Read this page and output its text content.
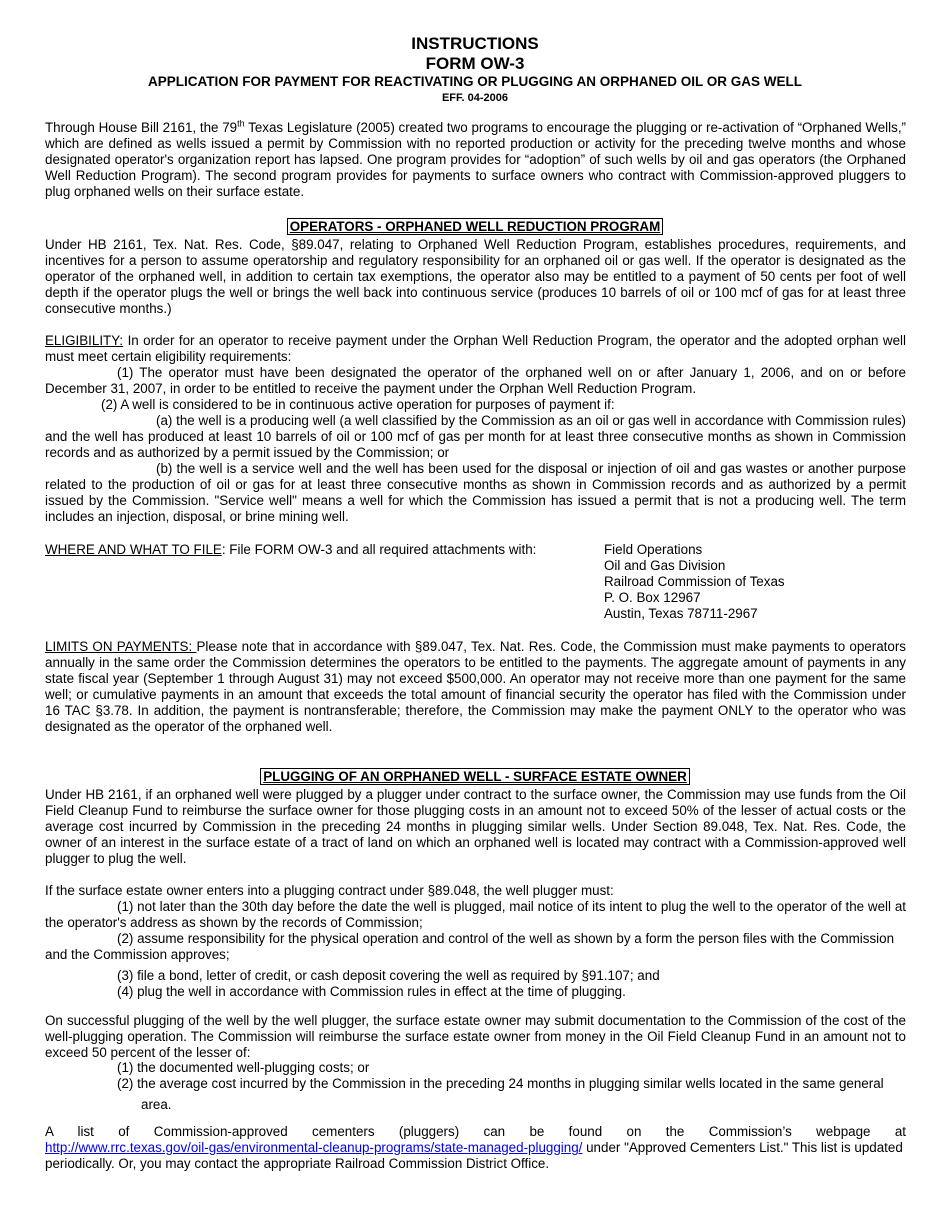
INSTRUCTIONS
FORM OW-3
APPLICATION FOR PAYMENT FOR REACTIVATING OR PLUGGING AN ORPHANED OIL OR GAS WELL
EFF. 04-2006
Through House Bill 2161, the 79th Texas Legislature (2005) created two programs to encourage the plugging or re-activation of “Orphaned Wells,” which are defined as wells issued a permit by Commission with no reported production or activity for the preceding twelve months and whose designated operator's organization report has lapsed. One program provides for “adoption” of such wells by oil and gas operators (the Orphaned Well Reduction Program). The second program provides for payments to surface owners who contract with Commission-approved pluggers to plug orphaned wells on their surface estate.
OPERATORS - ORPHANED WELL REDUCTION PROGRAM
Under HB 2161, Tex. Nat. Res. Code, §89.047, relating to Orphaned Well Reduction Program, establishes procedures, requirements, and incentives for a person to assume operatorship and regulatory responsibility for an orphaned oil or gas well. If the operator is designated as the operator of the orphaned well, in addition to certain tax exemptions, the operator also may be entitled to a payment of 50 cents per foot of well depth if the operator plugs the well or brings the well back into continuous service (produces 10 barrels of oil or 100 mcf of gas for at least three consecutive months.)
ELIGIBILITY: In order for an operator to receive payment under the Orphan Well Reduction Program, the operator and the adopted orphan well must meet certain eligibility requirements:
(1) The operator must have been designated the operator of the orphaned well on or after January 1, 2006, and on or before December 31, 2007, in order to be entitled to receive the payment under the Orphan Well Reduction Program.
(2) A well is considered to be in continuous active operation for purposes of payment if:
(a) the well is a producing well (a well classified by the Commission as an oil or gas well in accordance with Commission rules) and the well has produced at least 10 barrels of oil or 100 mcf of gas per month for at least three consecutive months as shown in Commission records and as authorized by a permit issued by the Commission; or
(b) the well is a service well and the well has been used for the disposal or injection of oil and gas wastes or another purpose related to the production of oil or gas for at least three consecutive months as shown in Commission records and as authorized by a permit issued by the Commission. "Service well" means a well for which the Commission has issued a permit that is not a producing well. The term includes an injection, disposal, or brine mining well.
WHERE AND WHAT TO FILE: File FORM OW-3 and all required attachments with:	Field Operations
Oil and Gas Division
Railroad Commission of Texas
P. O. Box 12967
Austin, Texas 78711-2967
LIMITS ON PAYMENTS: Please note that in accordance with §89.047, Tex. Nat. Res. Code, the Commission must make payments to operators annually in the same order the Commission determines the operators to be entitled to the payments. The aggregate amount of payments in any state fiscal year (September 1 through August 31) may not exceed $500,000. An operator may not receive more than one payment for the same well; or cumulative payments in an amount that exceeds the total amount of financial security the operator has filed with the Commission under 16 TAC §3.78. In addition, the payment is nontransferable; therefore, the Commission may make the payment ONLY to the operator who was designated as the operator of the orphaned well.
PLUGGING OF AN ORPHANED WELL - SURFACE ESTATE OWNER
Under HB 2161, if an orphaned well were plugged by a plugger under contract to the surface owner, the Commission may use funds from the Oil Field Cleanup Fund to reimburse the surface owner for those plugging costs in an amount not to exceed 50% of the lesser of actual costs or the average cost incurred by Commission in the preceding 24 months in plugging similar wells. Under Section 89.048, Tex. Nat. Res. Code, the owner of an interest in the surface estate of a tract of land on which an orphaned well is located may contract with a Commission-approved well plugger to plug the well.
If the surface estate owner enters into a plugging contract under §89.048, the well plugger must:
(1) not later than the 30th day before the date the well is plugged, mail notice of its intent to plug the well to the operator of the well at the operator's address as shown by the records of Commission;
(2) assume responsibility for the physical operation and control of the well as shown by a form the person files with the Commission and the Commission approves;
(3) file a bond, letter of credit, or cash deposit covering the well as required by §91.107; and
(4) plug the well in accordance with Commission rules in effect at the time of plugging.
On successful plugging of the well by the well plugger, the surface estate owner may submit documentation to the Commission of the cost of the well-plugging operation. The Commission will reimburse the surface estate owner from money in the Oil Field Cleanup Fund in an amount not to exceed 50 percent of the lesser of:
(1) the documented well-plugging costs; or
(2) the average cost incurred by the Commission in the preceding 24 months in plugging similar wells located in the same general
area.
A list of Commission-approved cementers (pluggers) can be found on the Commission’s webpage at
http://www.rrc.texas.gov/oil-gas/environmental-cleanup-programs/state-managed-plugging/ under "Approved Cementers List." This list is updated periodically. Or, you may contact the appropriate Railroad Commission District Office.
